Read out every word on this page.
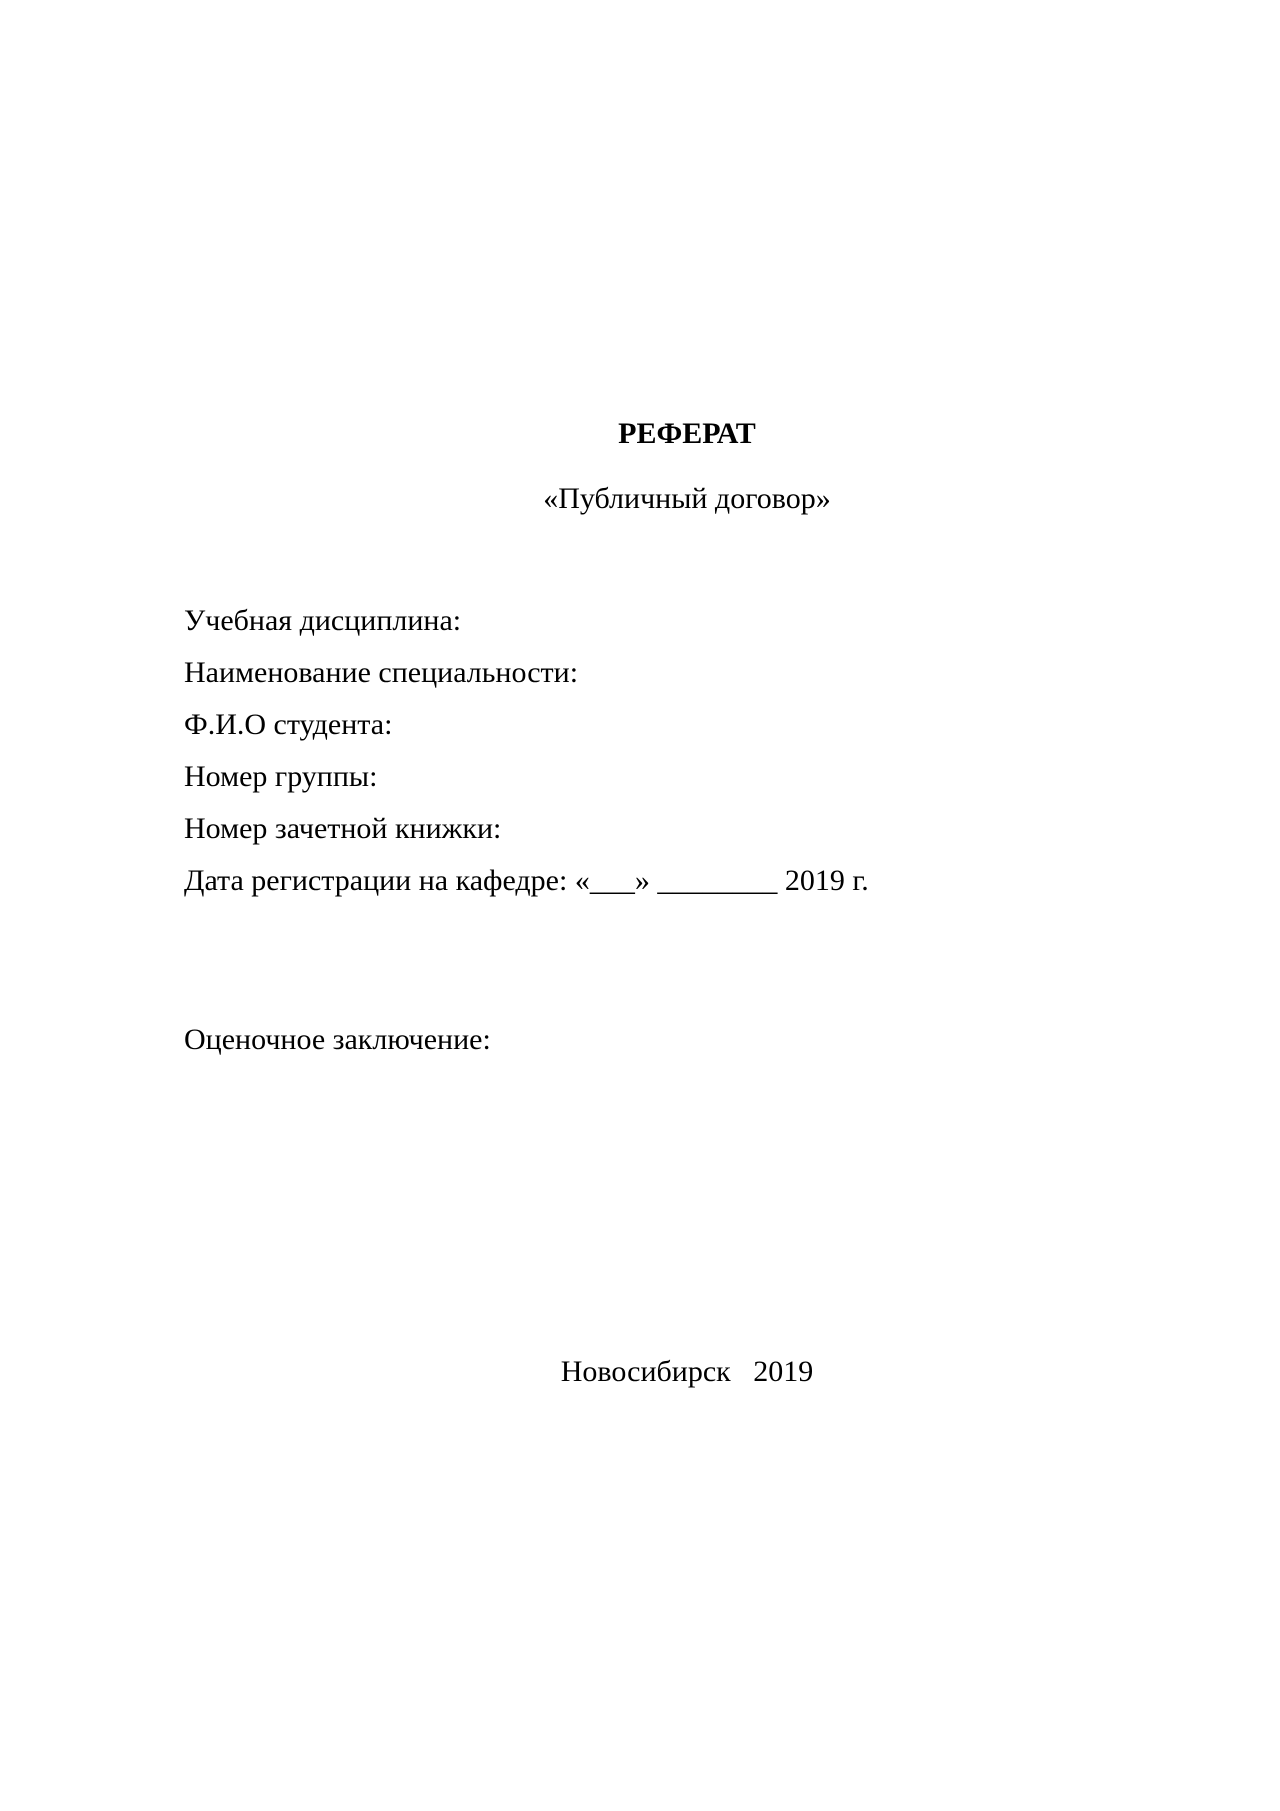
РЕФЕРАТ
«Публичный договор»
Учебная дисциплина:
Наименование специальности:
Ф.И.О студента:
Номер группы:
Номер зачетной книжки:
Дата регистрации на кафедре: «___» ________ 2019 г.
Оценочное заключение:
Новосибирск   2019
